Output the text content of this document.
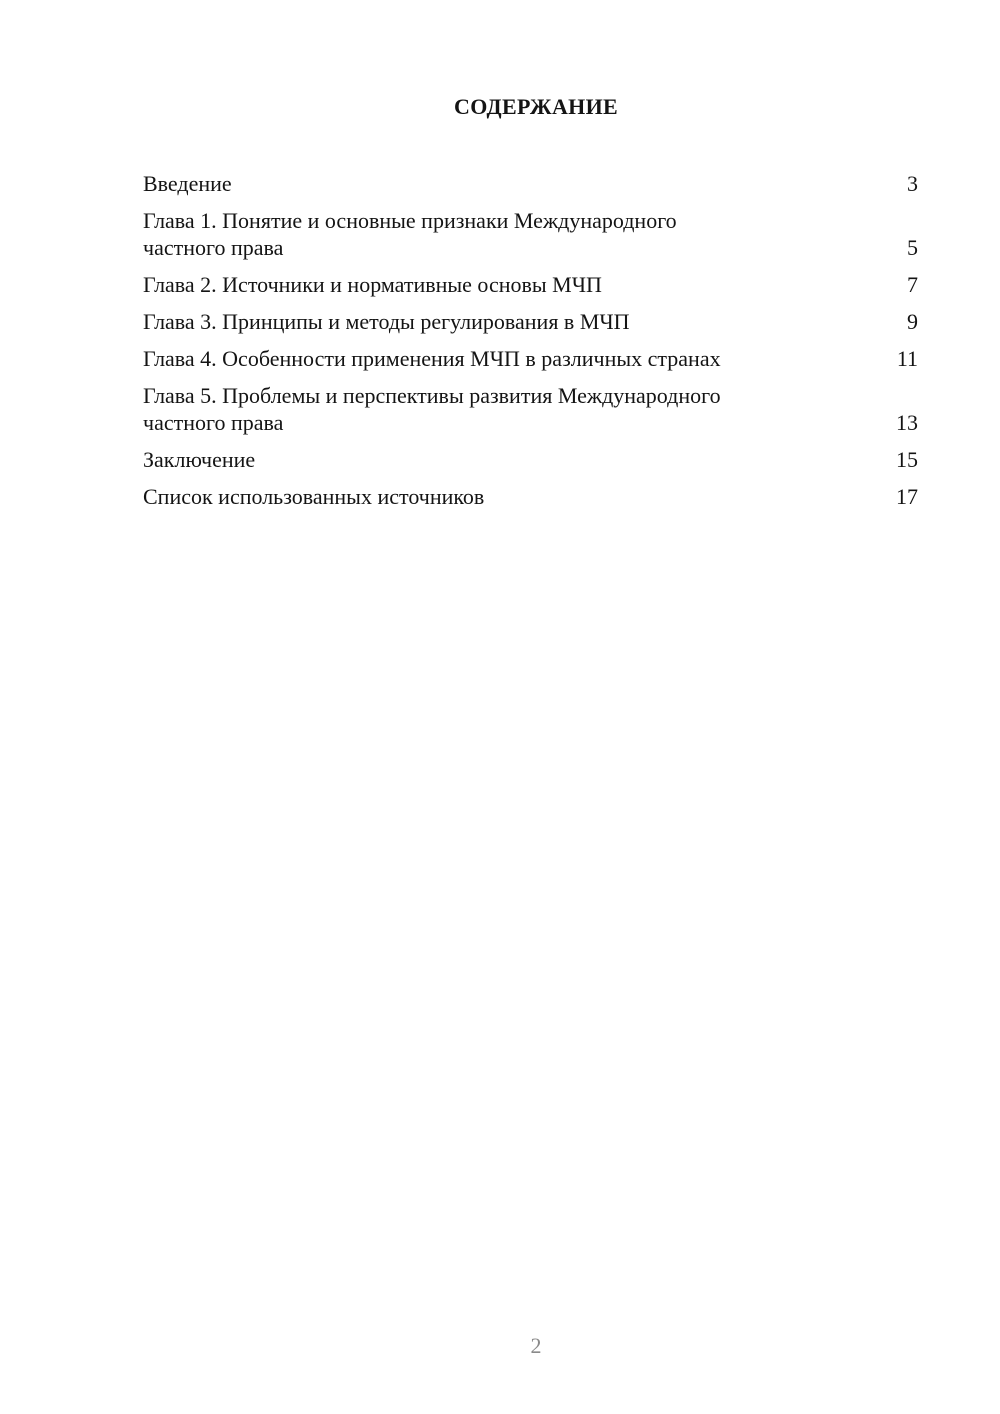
СОДЕРЖАНИЕ
Введение	3
Глава 1. Понятие и основные признаки Международного
частного права	5
Глава 2. Источники и нормативные основы МЧП	7
Глава 3. Принципы и методы регулирования в МЧП	9
Глава 4. Особенности применения МЧП в различных странах	11
Глава 5. Проблемы и перспективы развития Международного
частного права	13
Заключение	15
Список использованных источников	17
2
